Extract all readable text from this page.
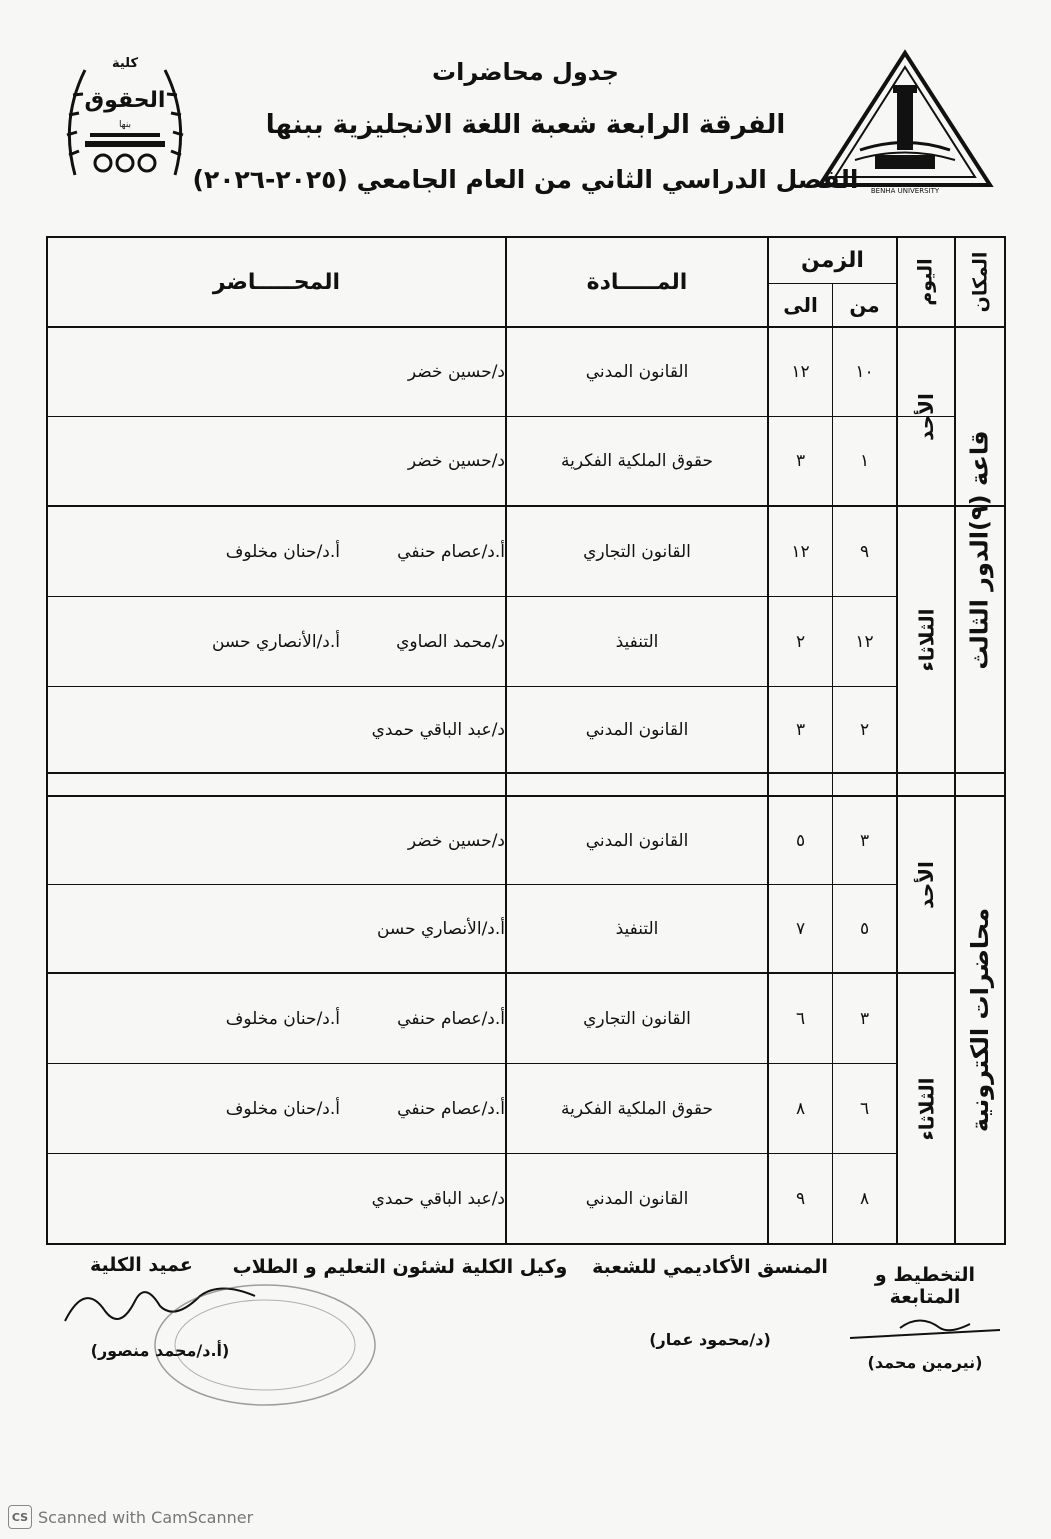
جدول محاضرات
الفرقة الرابعة شعبة اللغة الانجليزية ببنها
الفصل الدراسي الثاني من العام الجامعي (٢٠٢٥-٢٠٢٦)	BENHA UNIVERSITY
كلية
الحقوق
بنها
المكان
اليوم
الزمن
من
الى
المـــــادة
المحـــــاضر
قاعة (٩)الدور الثالث
الأحد
الثلاثاء
١٠
١٢
القانون المدني
د/حسين خضر
١
٣
حقوق الملكية الفكرية
د/حسين خضر
٩
١٢
القانون التجاري
أ.د/عصام حنفي
أ.د/حنان مخلوف
١٢
٢
التنفيذ
د/محمد الصاوي
أ.د/الأنصاري حسن
٢
٣
القانون المدني
د/عبد الباقي حمدي
محاضرات الكترونية
الأحد
الثلاثاء
٣
٥
القانون المدني
د/حسين خضر
٥
٧
التنفيذ
أ.د/الأنصاري حسن
٣
٦
القانون التجاري
أ.د/عصام حنفي
أ.د/حنان مخلوف
٦
٨
حقوق الملكية الفكرية
أ.د/عصام حنفي
أ.د/حنان مخلوف
٨
٩
القانون المدني
د/عبد الباقي حمدي
التخطيط و المتابعة
(نيرمين محمد)
المنسق الأكاديمي للشعبة
(د/محمود عمار)
وكيل الكلية لشئون التعليم و الطلاب
عميد الكلية
(أ.د/محمد منصور)
CS Scanned with CamScanner
